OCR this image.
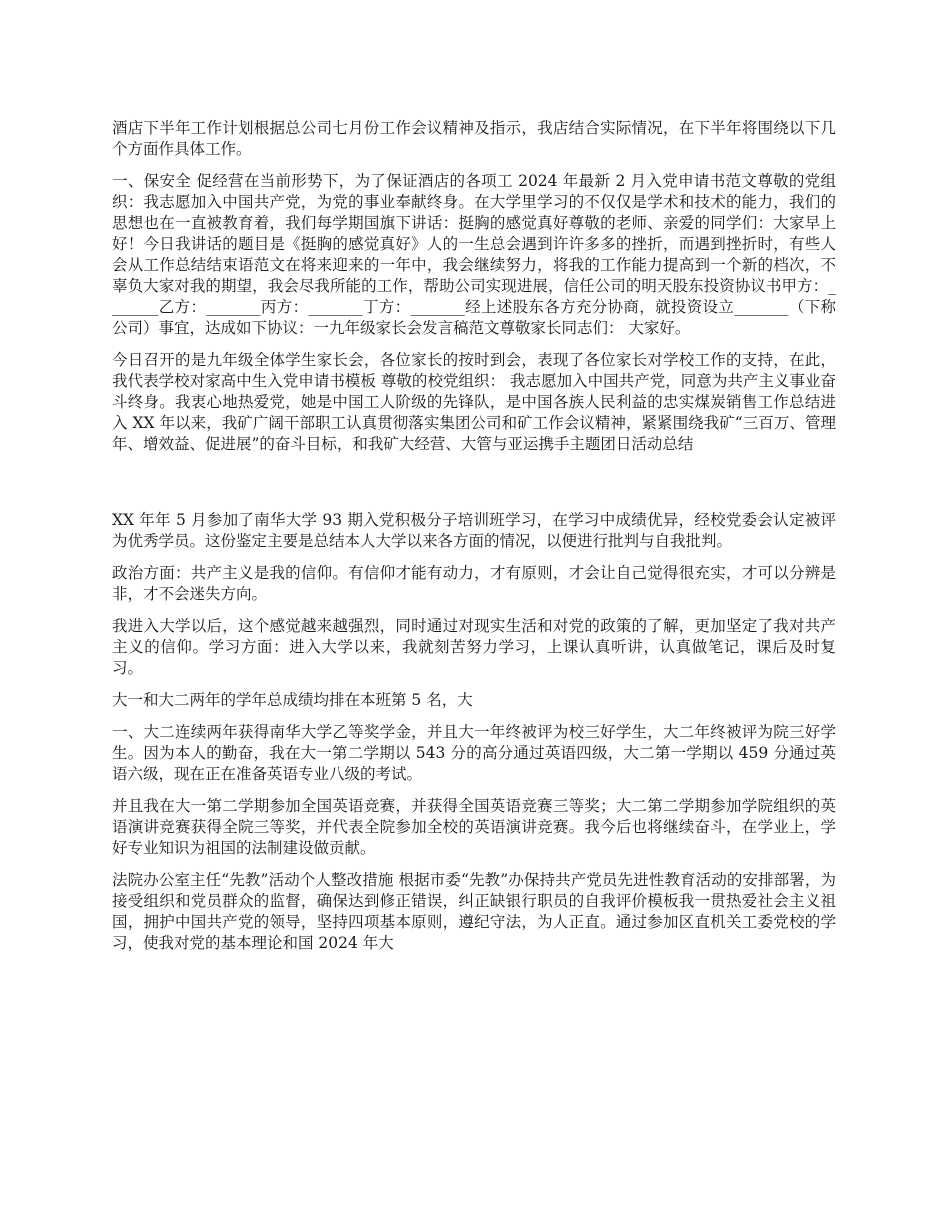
酒店下半年工作计划根据总公司七月份工作会议精神及指示，我店结合实际情况，在下半年将围绕以下几个方面作具体工作。

一、保安全 促经营在当前形势下，为了保证酒店的各项工 2024 年最新 2 月入党申请书范文尊敬的党组织：我志愿加入中国共产党，为党的事业奉献终身。在大学里学习的不仅仅是学术和技术的能力，我们的思想也在一直被教育着，我们每学期国旗下讲话：挺胸的感觉真好尊敬的老师、亲爱的同学们：大家早上好！今日我讲话的题目是《挺胸的感觉真好》人的一生总会遇到许许多多的挫折，而遇到挫折时，有些人会从工作总结结束语范文在将来迎来的一年中，我会继续努力，将我的工作能力提高到一个新的档次，不辜负大家对我的期望，我会尽我所能的工作，帮助公司实现进展，信任公司的明天股东投资协议书甲方：_______乙方：_______丙方：_______丁方：_______经上述股东各方充分协商，就投资设立_______（下称公司）事宜，达成如下协议：一九年级家长会发言稿范文尊敬家长同志们： 大家好。

今日召开的是九年级全体学生家长会，各位家长的按时到会，表现了各位家长对学校工作的支持，在此，我代表学校对家高中生入党申请书模板 尊敬的校党组织： 我志愿加入中国共产党，同意为共产主义事业奋斗终身。我衷心地热爱党，她是中国工人阶级的先锋队，是中国各族人民利益的忠实煤炭销售工作总结进入 XX 年以来，我矿广阔干部职工认真贯彻落实集团公司和矿工作会议精神，紧紧围绕我矿“三百万、管理年、增效益、促进展”的奋斗目标，和我矿大经营、大管与亚运携手主题团日活动总结

XX 年年 5 月参加了南华大学 93 期入党积极分子培训班学习，在学习中成绩优异，经校党委会认定被评为优秀学员。这份鉴定主要是总结本人大学以来各方面的情况，以便进行批判与自我批判。

政治方面：共产主义是我的信仰。有信仰才能有动力，才有原则，才会让自己觉得很充实，才可以分辨是非，才不会迷失方向。

我进入大学以后，这个感觉越来越强烈，同时通过对现实生活和对党的政策的了解，更加坚定了我对共产主义的信仰。学习方面：进入大学以来，我就刻苦努力学习，上课认真听讲，认真做笔记，课后及时复习。

大一和大二两年的学年总成绩均排在本班第 5 名，大

一、大二连续两年获得南华大学乙等奖学金，并且大一年终被评为校三好学生，大二年终被评为院三好学生。因为本人的勤奋，我在大一第二学期以 543 分的高分通过英语四级，大二第一学期以 459 分通过英语六级，现在正在准备英语专业八级的考试。

并且我在大一第二学期参加全国英语竞赛，并获得全国英语竞赛三等奖；大二第二学期参加学院组织的英语演讲竞赛获得全院三等奖，并代表全院参加全校的英语演讲竞赛。我今后也将继续奋斗，在学业上，学好专业知识为祖国的法制建设做贡献。

法院办公室主任“先教”活动个人整改措施 根据市委“先教”办保持共产党员先进性教育活动的安排部署，为接受组织和党员群众的监督，确保达到修正错误，纠正缺银行职员的自我评价模板我一贯热爱社会主义祖国，拥护中国共产党的领导，坚持四项基本原则，遵纪守法，为人正直。通过参加区直机关工委党校的学习，使我对党的基本理论和国 2024 年大
